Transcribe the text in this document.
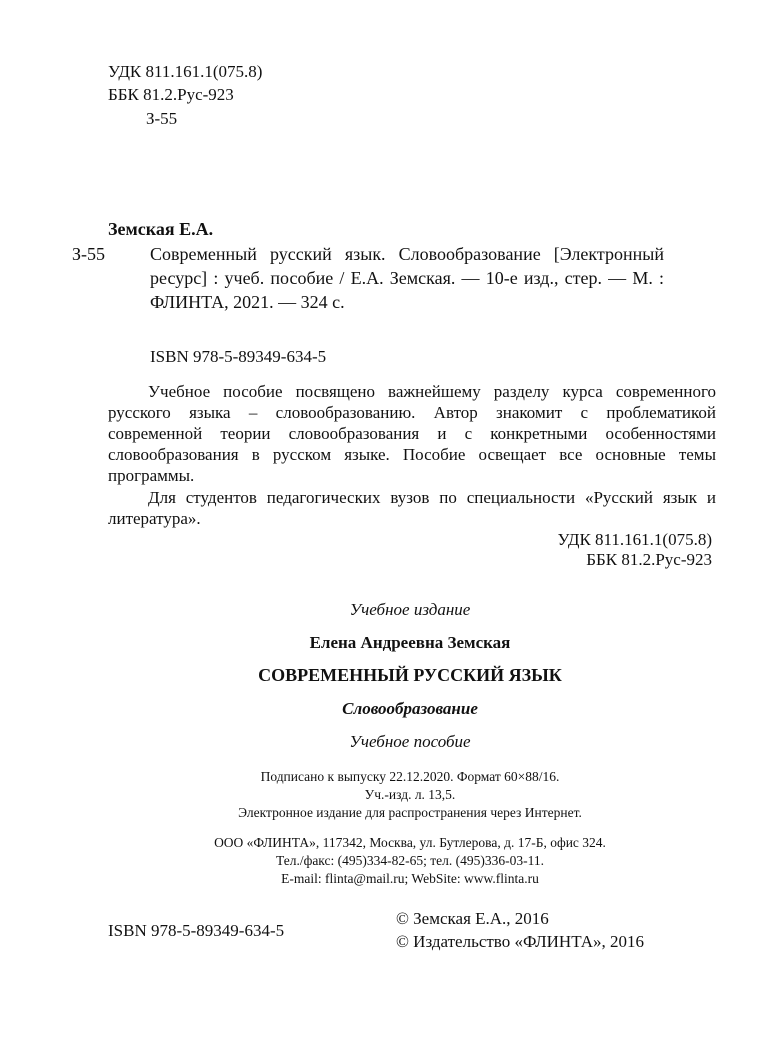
УДК 811.161.1(075.8)
ББК 81.2.Рус-923
З-55
Земская Е.А.
З-55 Современный русский язык. Словообразование [Электронный
ресурс] : учеб. пособие / Е.А. Земская. — 10-е изд., стер. — М. :
ФЛИНТА, 2021. — 324 с.
ISBN 978-5-89349-634-5
Учебное пособие посвящено важнейшему разделу курса современного
русского языка – словообразованию. Автор знакомит с проблематикой
современной теории словообразования и с конкретными особенностями
словообразования в русском языке. Пособие освещает все основные темы
программы.
Для студентов педагогических вузов по специальности «Русский язык и
литература».
УДК 811.161.1(075.8)
ББК 81.2.Рус-923
Учебное издание
Елена Андреевна Земская
СОВРЕМЕННЫЙ РУССКИЙ ЯЗЫК
Словообразование
Учебное пособие
Подписано к выпуску 22.12.2020. Формат 60×88/16.
Уч.-изд. л. 13,5.
Электронное издание для распространения через Интернет.
ООО «ФЛИНТА», 117342, Москва, ул. Бутлерова, д. 17-Б, офис 324.
Тел./факс: (495)334-82-65; тел. (495)336-03-11.
E-mail: flinta@mail.ru; WebSite: www.flinta.ru
ISBN 978-5-89349-634-5
© Земская Е.А., 2016
© Издательство «ФЛИНТА», 2016
